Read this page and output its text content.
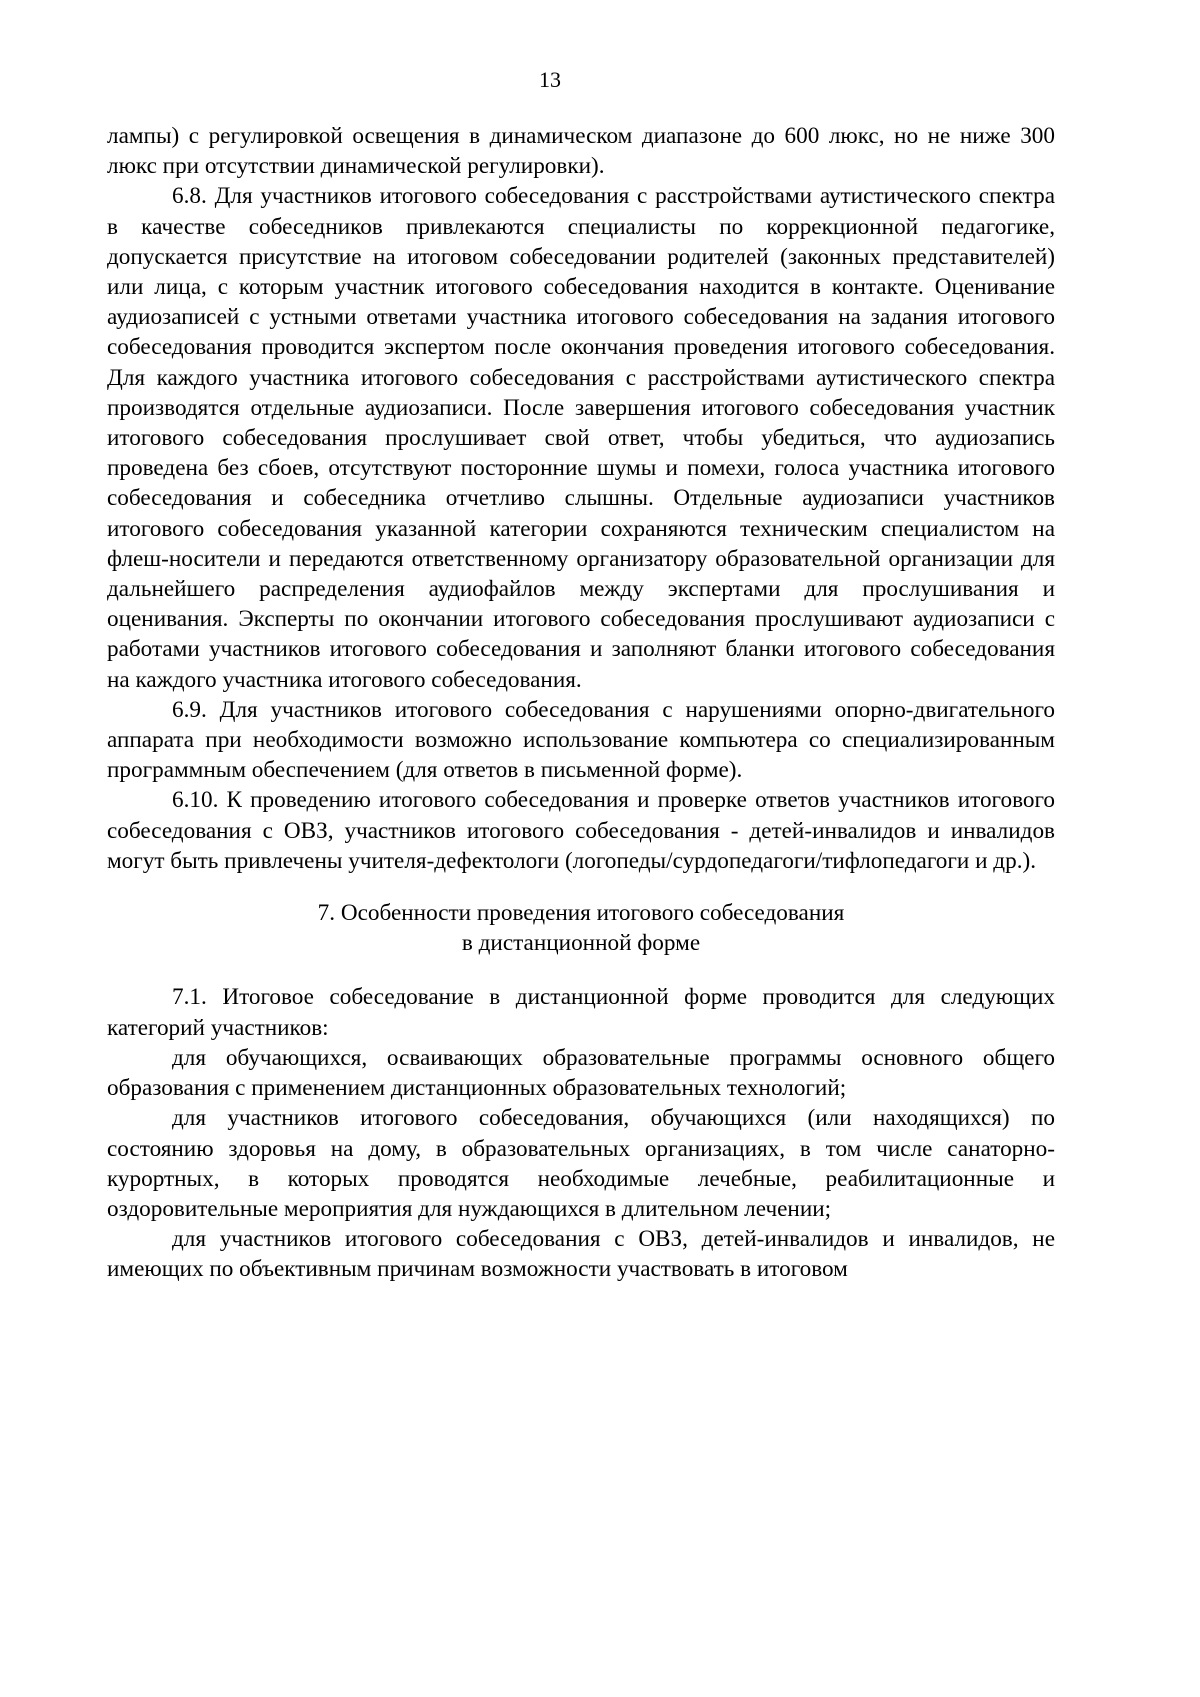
13

лампы) с регулировкой освещения в динамическом диапазоне до 600 люкс, но не ниже 300 люкс при отсутствии динамической регулировки).

6.8. Для участников итогового собеседования с расстройствами аутистического спектра в качестве собеседников привлекаются специалисты по коррекционной педагогике, допускается присутствие на итоговом собеседовании родителей (законных представителей) или лица, с которым участник итогового собеседования находится в контакте. Оценивание аудиозаписей с устными ответами участника итогового собеседования на задания итогового собеседования проводится экспертом после окончания проведения итогового собеседования. Для каждого участника итогового собеседования с расстройствами аутистического спектра производятся отдельные аудиозаписи. После завершения итогового собеседования участник итогового собеседования прослушивает свой ответ, чтобы убедиться, что аудиозапись проведена без сбоев, отсутствуют посторонние шумы и помехи, голоса участника итогового собеседования и собеседника отчетливо слышны. Отдельные аудиозаписи участников итогового собеседования указанной категории сохраняются техническим специалистом на флеш-носители и передаются ответственному организатору образовательной организации для дальнейшего распределения аудиофайлов между экспертами для прослушивания и оценивания. Эксперты по окончании итогового собеседования прослушивают аудиозаписи с работами участников итогового собеседования и заполняют бланки итогового собеседования на каждого участника итогового собеседования.

6.9. Для участников итогового собеседования с нарушениями опорно-двигательного аппарата при необходимости возможно использование компьютера со специализированным программным обеспечением (для ответов в письменной форме).

6.10. К проведению итогового собеседования и проверке ответов участников итогового собеседования с ОВЗ, участников итогового собеседования - детей-инвалидов и инвалидов могут быть привлечены учителя-дефектологи (логопеды/сурдопедагоги/тифлопедагоги и др.).

7. Особенности проведения итогового собеседования
в дистанционной форме

7.1. Итоговое собеседование в дистанционной форме проводится для следующих категорий участников:

для обучающихся, осваивающих образовательные программы основного общего образования с применением дистанционных образовательных технологий;

для участников итогового собеседования, обучающихся (или находящихся) по состоянию здоровья на дому, в образовательных организациях, в том числе санаторно-курортных, в которых проводятся необходимые лечебные, реабилитационные и оздоровительные мероприятия для нуждающихся в длительном лечении;

для участников итогового собеседования с ОВЗ, детей-инвалидов и инвалидов, не имеющих по объективным причинам возможности участвовать в итоговом
